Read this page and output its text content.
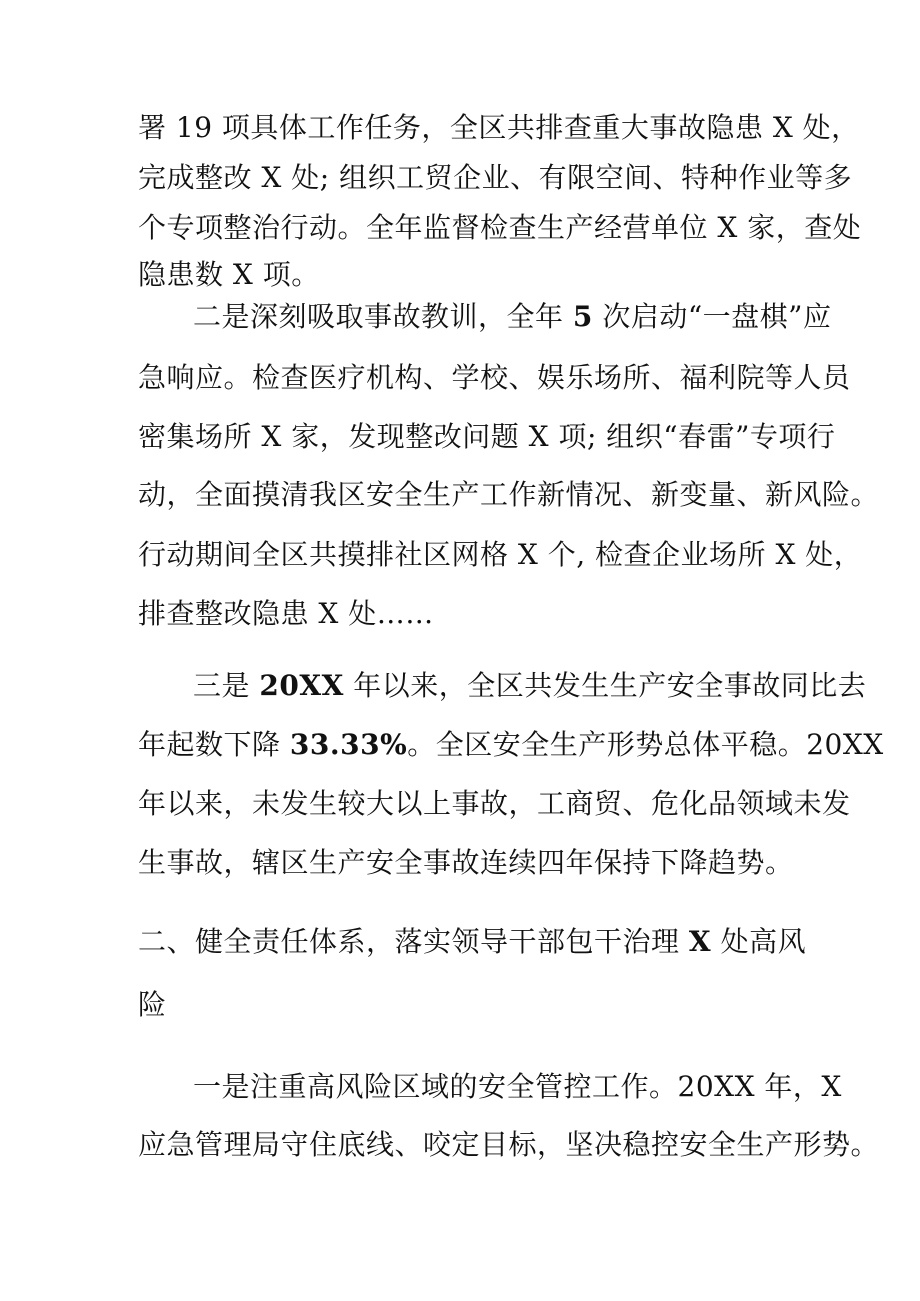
署 19 项具体工作任务，全区共排查重大事故隐患 X 处，
完成整改 X 处; 组织工贸企业、有限空间、特种作业等多
个专项整治行动。全年监督检查生产经营单位 X 家，查处
隐患数 X 项。
二是深刻吸取事故教训，全年 5 次启动“一盘棋”应
急响应。检查医疗机构、学校、娱乐场所、福利院等人员
密集场所 X 家，发现整改问题 X 项; 组织“春雷”专项行
动，全面摸清我区安全生产工作新情况、新变量、新风险。
行动期间全区共摸排社区网格 X 个, 检查企业场所 X 处，
排查整改隐患 X 处……
三是 20XX 年以来，全区共发生生产安全事故同比去
年起数下降 33.33%。全区安全生产形势总体平稳。20XX
年以来，未发生较大以上事故，工商贸、危化品领域未发
生事故，辖区生产安全事故连续四年保持下降趋势。
二、健全责任体系，落实领导干部包干治理 X 处高风
险
一是注重高风险区域的安全管控工作。20XX 年，X
应急管理局守住底线、咬定目标，坚决稳控安全生产形势。
